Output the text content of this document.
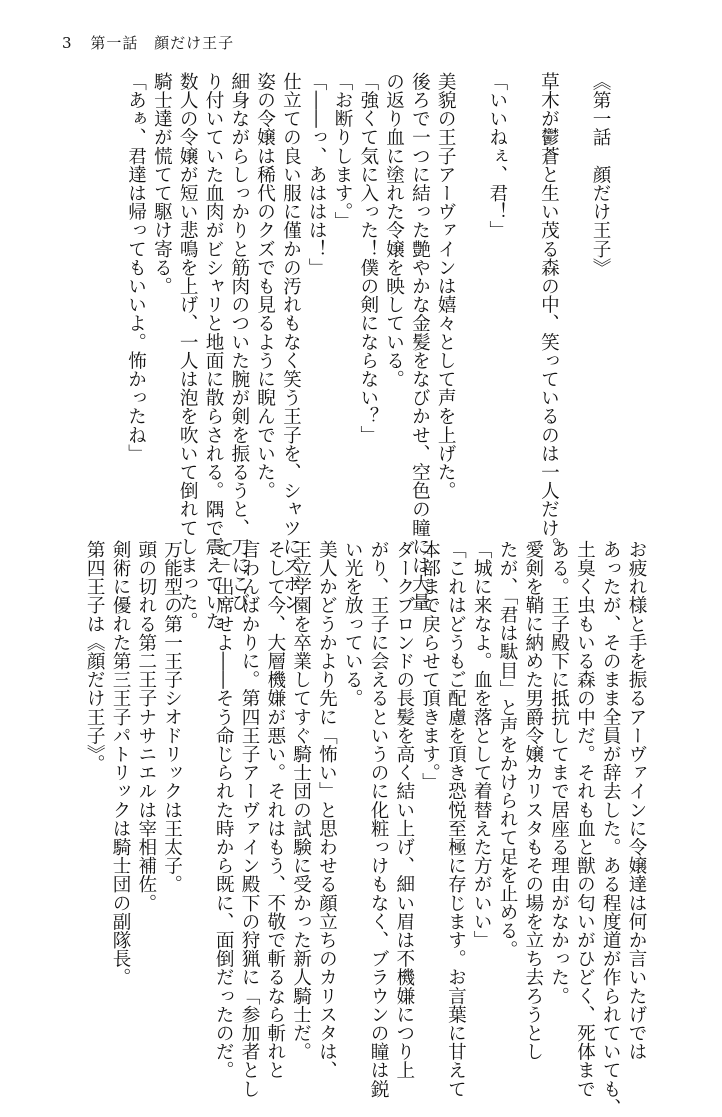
3 第一話 顔だけ王子
《第一話　顔だけ王子》
草木が鬱蒼と生い茂る森の中、笑っているのは一人だけ。
「いいねぇ、君！」
美貌の王子アーヴァインは嬉々として声を上げた。
後ろで一つに結った艶やかな金髪をなびかせ、空色の瞳には大量
の返り血に塗れた令嬢を映している。
「強くて気に入った！僕の剣にならない？」
「お断りします。」
「――っ、あははは！」
仕立ての良い服に僅かの汚れもなく笑う王子を、シャツにズボン
姿の令嬢は稀代のクズでも見るように睨んでいた。
細身ながらしっかりと筋肉のついた腕が剣を振るうと、刀にこび
り付いていた血肉がビシャリと地面に散らされる。隅で震えていた
数人の令嬢が短い悲鳴を上げ、一人は泡を吹いて倒れてしまった。
騎士達が慌てて駆け寄る。
「あぁ、君達は帰ってもいいよ。怖かったね」
お疲れ様と手を振るアーヴァインに令嬢達は何か言いたげでは
あったが、そのまま全員が辞去した。ある程度道が作られていても、
土臭く虫もいる森の中だ。それも血と獣の匂いがひどく、死体まで
ある。王子殿下に抵抗してまで居座る理由がなかった。
愛剣を鞘に納めた男爵令嬢カリスタもその場を立ち去ろうとし
たが、「君は駄目」と声をかけられて足を止める。
「城に来なよ。血を落として着替えた方がいい」
「これはどうもご配慮を頂き恐悦至極に存じます。お言葉に甘えて
本部まで戻らせて頂きます。」
ダークブロンドの長髪を高く結い上げ、細い眉は不機嫌につり上
がり、王子に会えるというのに化粧っけもなく、ブラウンの瞳は鋭
い光を放っている。
美人かどうかより先に「怖い」と思わせる顔立ちのカリスタは、
王立学園を卒業してすぐ騎士団の試験に受かった新人騎士だ。
そして今、大層機嫌が悪い。それはもう、不敬で斬るなら斬れと
言わんばかりに。第四王子アーヴァイン殿下の狩猟に「参加者とし
て」出席せよ――そう命じられた時から既に、面倒だったのだ。
万能型の第一王子シオドリックは王太子。
頭の切れる第二王子ナサニエルは宰相補佐。
剣術に優れた第三王子パトリックは騎士団の副隊長。
第四王子は《顔だけ王子》。
